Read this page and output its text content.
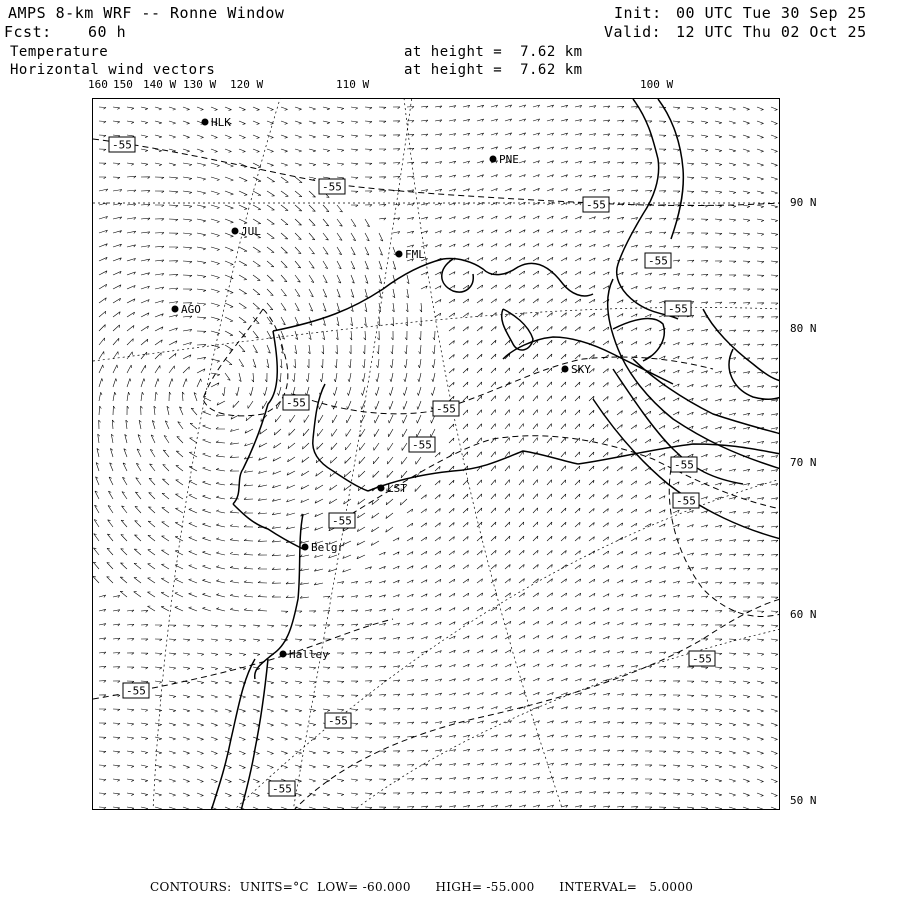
AMPS 8-km WRF -- Ronne Window
Fcst: 60 h
Init: 00 UTC Tue 30 Sep 25
Valid: 12 UTC Thu 02 Oct 25
Temperature
Horizontal wind vectors
at height =  7.62 km
at height =  7.62 km
160 150 140 W 130 W 120 W	110 W	100 W
90 N
80 N
70 N
60 N
50 N
HLK
PNE
JUL
FML
AGO
SKY
LST
Belgr
Halley
-55
-55
-55
-55
-55
-55	-55
-55
-55
-55
-55
-55
-55
-55
-55
CONTOURS:  UNITS=°C  LOW= -60.000      HIGH= -55.000      INTERVAL=   5.0000
